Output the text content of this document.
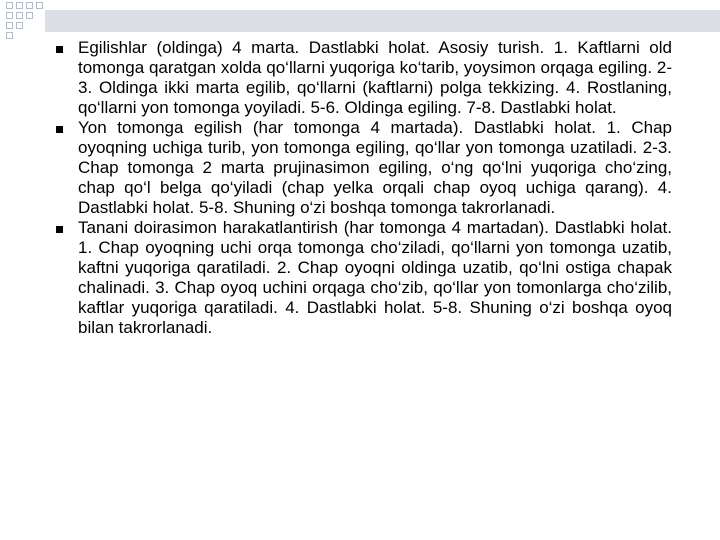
Egilishlar (oldinga) 4 marta. Dastlabki holat. Asosiy turish. 1. Kaftlarni old tomonga qaratgan xolda qo‘llarni yuqoriga ko‘tarib, yoysimon orqaga egiling. 2-3. Oldinga ikki marta egilib, qo‘llarni (kaftlarni) polga tekkizing. 4. Rostlaning, qo‘llarni yon tomonga yoyiladi. 5-6. Oldinga egiling. 7-8. Dastlabki holat.
Yon tomonga egilish (har tomonga 4 martada). Dastlabki holat. 1. Chap oyoqning uchiga turib, yon tomonga egiling, qo‘llar yon tomonga uzatiladi. 2-3. Chap tomonga 2 marta prujinasimon egiling, o‘ng qo‘lni yuqoriga cho‘zing, chap qo‘l belga qo‘yiladi (chap yelka orqali chap oyoq uchiga qarang). 4. Dastlabki holat. 5-8. Shuning o‘zi boshqa tomonga takrorlanadi.
Tanani doirasimon harakatlantirish (har tomonga 4 martadan). Dastlabki holat. 1. Chap oyoqning uchi orqa tomonga cho‘ziladi, qo‘llarni yon tomonga uzatib, kaftni yuqoriga qaratiladi. 2. Chap oyoqni oldinga uzatib, qo‘lni ostiga chapak chalinadi. 3. Chap oyoq uchini orqaga cho‘zib, qo‘llar yon tomonlarga cho‘zilib, kaftlar yuqoriga qaratiladi. 4. Dastlabki holat. 5-8. Shuning o‘zi boshqa oyoq bilan takrorlanadi.
